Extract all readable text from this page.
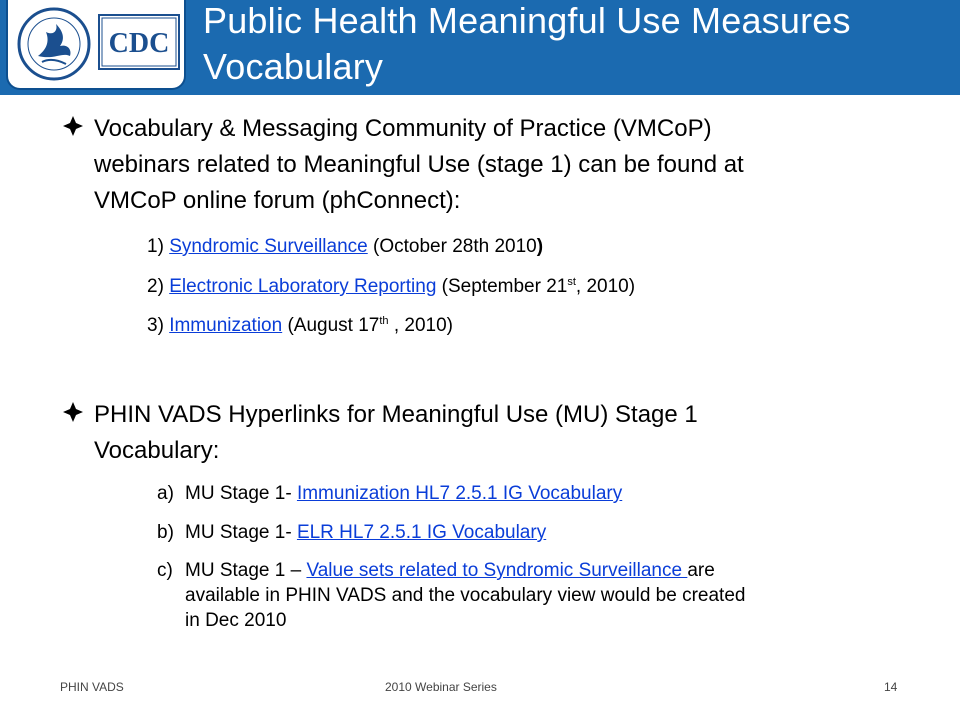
CDC
Public Health Meaningful Use Measures
Vocabulary
Vocabulary & Messaging Community of Practice (VMCoP)
webinars related to Meaningful Use (stage 1) can be found at
VMCoP online forum (phConnect):
1) Syndromic Surveillance (October 28th 2010)
2) Electronic Laboratory Reporting (September 21st, 2010)
3) Immunization (August 17th , 2010)
PHIN VADS Hyperlinks for Meaningful Use (MU) Stage 1
Vocabulary:
a) MU Stage 1- Immunization HL7 2.5.1 IG Vocabulary
b) MU Stage 1- ELR HL7 2.5.1 IG Vocabulary
c) MU Stage 1 – Value sets related to Syndromic Surveillance are
available in PHIN VADS and the vocabulary view would be created
in Dec 2010
PHIN VADS	2010 Webinar Series	14
